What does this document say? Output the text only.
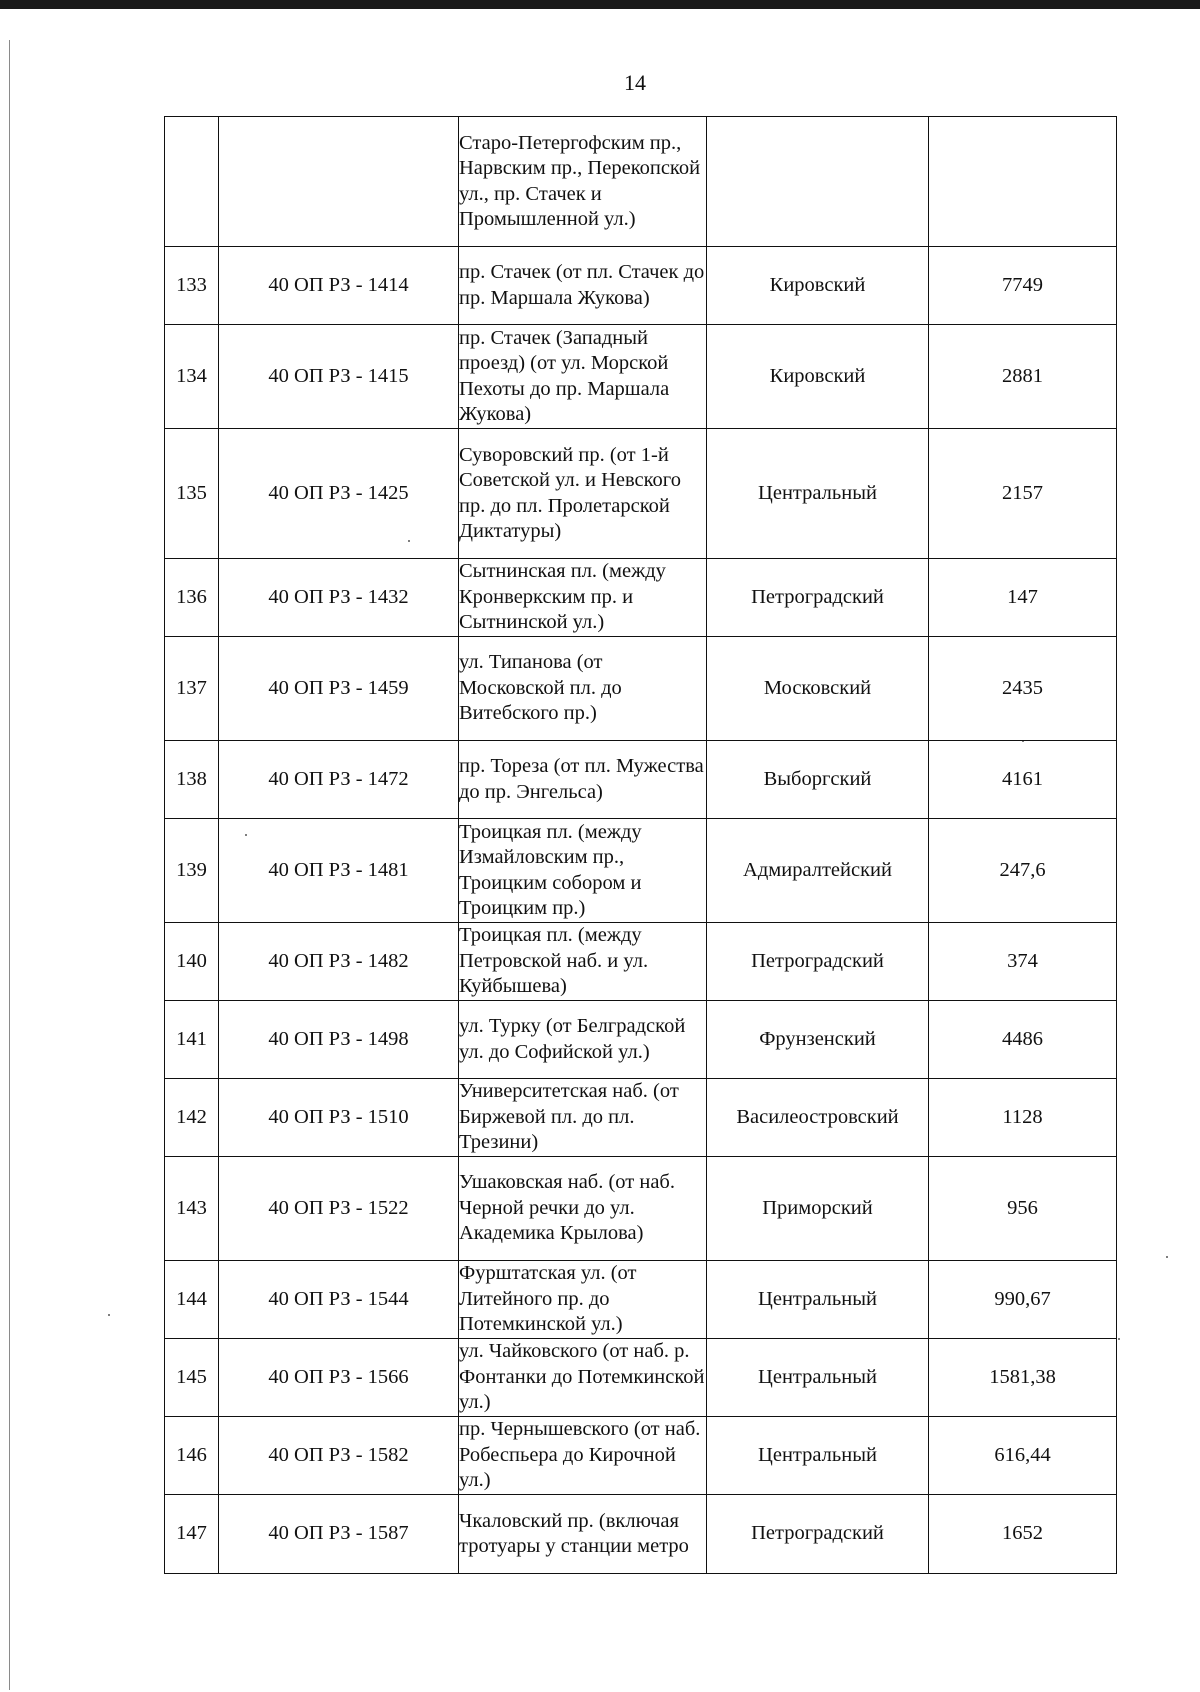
14
		Старо-Петергофским пр., Нарвским пр., Перекопской ул., пр. Стачек и Промышленной ул.)		
133	40 ОП РЗ - 1414	пр. Стачек (от пл. Стачек до пр. Маршала Жукова)	Кировский	7749
134	40 ОП РЗ - 1415	пр. Стачек (Западный проезд) (от ул. Морской Пехоты до пр. Маршала Жукова)	Кировский	2881
135	40 ОП РЗ - 1425	Суворовский пр. (от 1-й Советской ул. и Невского пр. до пл. Пролетарской Диктатуры)	Центральный	2157
136	40 ОП РЗ - 1432	Сытнинская пл. (между Кронверкским пр. и Сытнинской ул.)	Петроградский	147
137	40 ОП РЗ - 1459	ул. Типанова (от Московской пл. до Витебского пр.)	Московский	2435
138	40 ОП РЗ - 1472	пр. Тореза (от пл. Мужества до пр. Энгельса)	Выборгский	4161
139	40 ОП РЗ - 1481	Троицкая пл. (между Измайловским пр., Троицким собором и Троицким пр.)	Адмиралтейский	247,6
140	40 ОП РЗ - 1482	Троицкая пл. (между Петровской наб. и ул. Куйбышева)	Петроградский	374
141	40 ОП РЗ - 1498	ул. Турку (от Белградской ул. до Софийской ул.)	Фрунзенский	4486
142	40 ОП РЗ - 1510	Университетская наб. (от Биржевой пл. до пл. Трезини)	Василеостровский	1128
143	40 ОП РЗ - 1522	Ушаковская наб. (от наб. Черной речки до ул. Академика Крылова)	Приморский	956
144	40 ОП РЗ - 1544	Фурштатская ул. (от Литейного пр. до Потемкинской ул.)	Центральный	990,67
145	40 ОП РЗ - 1566	ул. Чайковского (от наб. р. Фонтанки до Потемкинской ул.)	Центральный	1581,38
146	40 ОП РЗ - 1582	пр. Чернышевского (от наб. Робеспьера до Кирочной ул.)	Центральный	616,44
147	40 ОП РЗ - 1587	Чкаловский пр. (включая тротуары у станции метро	Петроградский	1652
